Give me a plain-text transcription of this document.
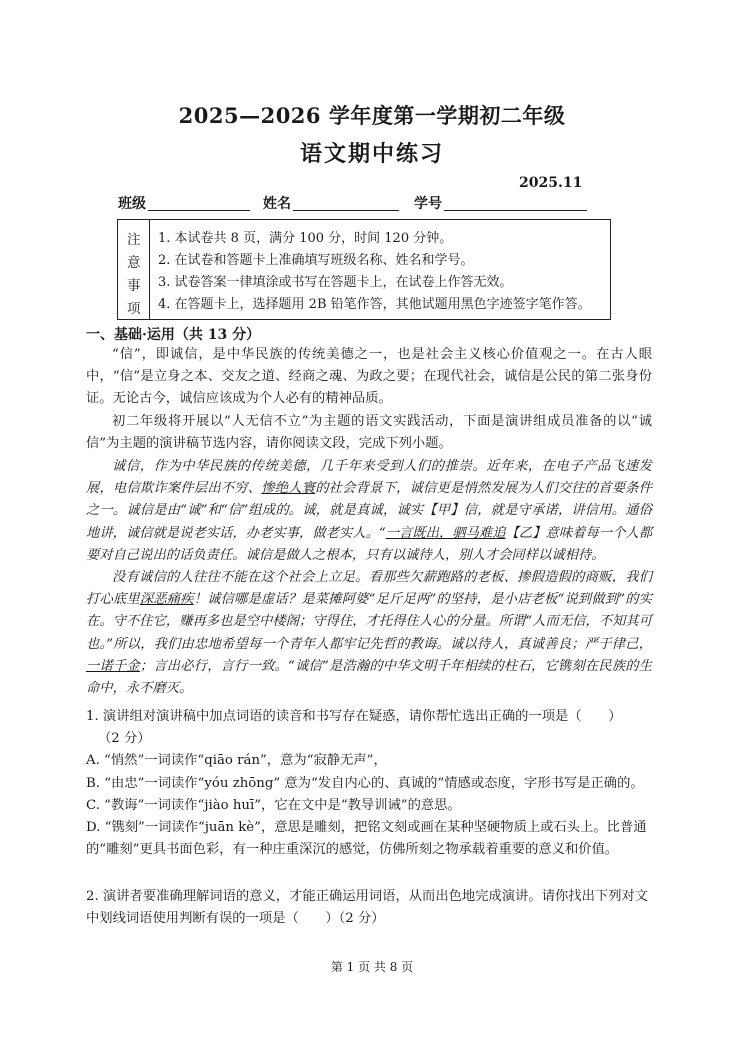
2025—2026 学年度第一学期初二年级
语文期中练习
2025.11
班级	姓名	学号
注
意
事
项
1. 本试卷共 8 页，满分 100 分，时间 120 分钟。
2. 在试卷和答题卡上准确填写班级名称、姓名和学号。
3. 试卷答案一律填涂或书写在答题卡上，在试卷上作答无效。
4. 在答题卡上，选择题用 2B 铅笔作答，其他试题用黑色字迹签字笔作答。
一、基础·运用（共 13 分）
“信”，即诚信，是中华民族的传统美德之一，也是社会主义核心价值观之一。在古人眼中，“信”是立身之本、交友之道、经商之魂、为政之要；在现代社会，诚信是公民的第二张身份证。无论古今，诚信应该成为个人必有的精神品质。
初二年级将开展以“人无信不立”为主题的语文实践活动，下面是演讲组成员准备的以“诚信”为主题的演讲稿节选内容，请你阅读文段，完成下列小题。
诚信，作为中华民族的传统美德，几千年来受到人们的推崇。近年来，在电子产品飞速发展，电信欺诈案件层出不穷、惨绝人寰的社会背景下，诚信更是悄然发展为人们交往的首要条件之一。诚信是由“诚”和“信”组成的。诚，就是真诚，诚实【甲】信，就是守承诺，讲信用。通俗地讲，诚信就是说老实话，办老实事，做老实人。“一言既出，驷马难追【乙】意味着每一个人都要对自己说出的话负责任。诚信是做人之根本，只有以诚待人，别人才会同样以诚相待。
没有诚信的人往往不能在这个社会上立足。看那些欠薪跑路的老板、掺假造假的商贩，我们打心底里深恶痛疾！诚信哪是虚话？是菜摊阿婆“足斤足两”的坚持，是小店老板“说到做到”的实在。守不住它，赚再多也是空中楼阁；守得住，才托得住人心的分量。所谓“人而无信，不知其可也。”所以，我们由忠地希望每一个青年人都牢记先哲的教诲。诚以待人，真诚善良；严于律己，一诺千金；言出必行，言行一致。“诚信”是浩瀚的中华文明千年相续的柱石，它镌刻在民族的生命中，永不磨灭。
1. 演讲组对演讲稿中加点词语的读音和书写存在疑惑，请你帮忙选出正确的一项是（　　）
（2 分）
A. “悄然”一词读作“qiāo rán”，意为“寂静无声”，
B. “由忠”一词读作“yóu zhōng” 意为“发自内心的、真诚的”情感或态度，字形书写是正确的。
C. “教诲”一词读作“jiào huī”，它在文中是“教导训诫”的意思。
D. “镌刻”一词读作“juān kè”，意思是雕刻，把铭文刻或画在某种坚硬物质上或石头上。比普通的“雕刻”更具书面色彩，有一种庄重深沉的感觉，仿佛所刻之物承载着重要的意义和价值。
2. 演讲者要准确理解词语的意义，才能正确运用词语，从而出色地完成演讲。请你找出下列对文中划线词语使用判断有误的一项是（　　）（2 分）
第 1 页 共 8 页
